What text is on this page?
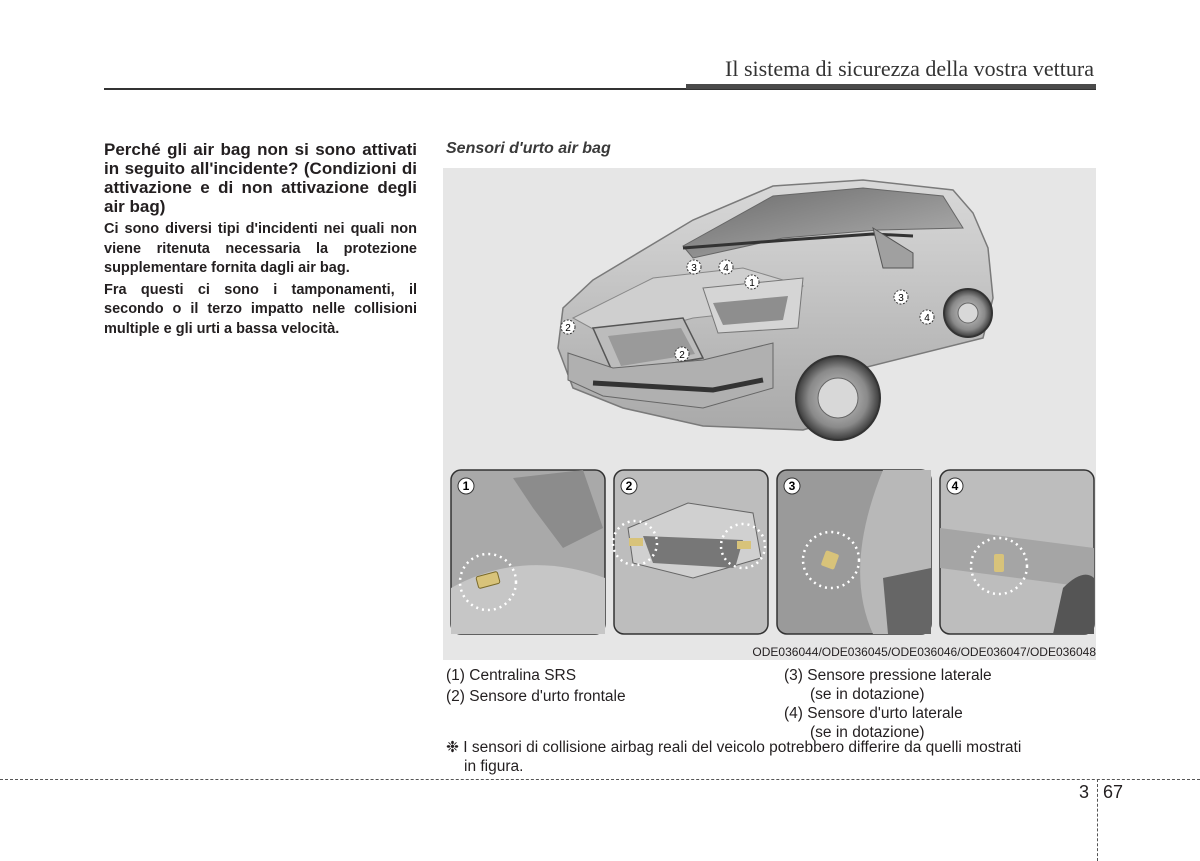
Il sistema di sicurezza della vostra vettura

Perché gli air bag non si sono attivati in seguito all'incidente? (Condizioni di attivazione e di non attivazione degli air bag)

Ci sono diversi tipi d'incidenti nei quali non viene ritenuta necessaria la protezione supplementare fornita dagli air bag.

Fra questi ci sono i tamponamenti, il secondo o il terzo impatto nelle collisioni multiple e gli urti a bassa velocità.

Sensori d'urto air bag
3	4
1
2
2
3
4
1	2	3	4
ODE036044/ODE036045/ODE036046/ODE036047/ODE036048
(1) Centralina SRS
(2) Sensore d'urto frontale
(3) Sensore pressione laterale
(se in dotazione)
(4) Sensore d'urto laterale
(se in dotazione)
❉ I sensori di collisione airbag reali del veicolo potrebbero differire da quelli mostrati
in figura.
3 67
